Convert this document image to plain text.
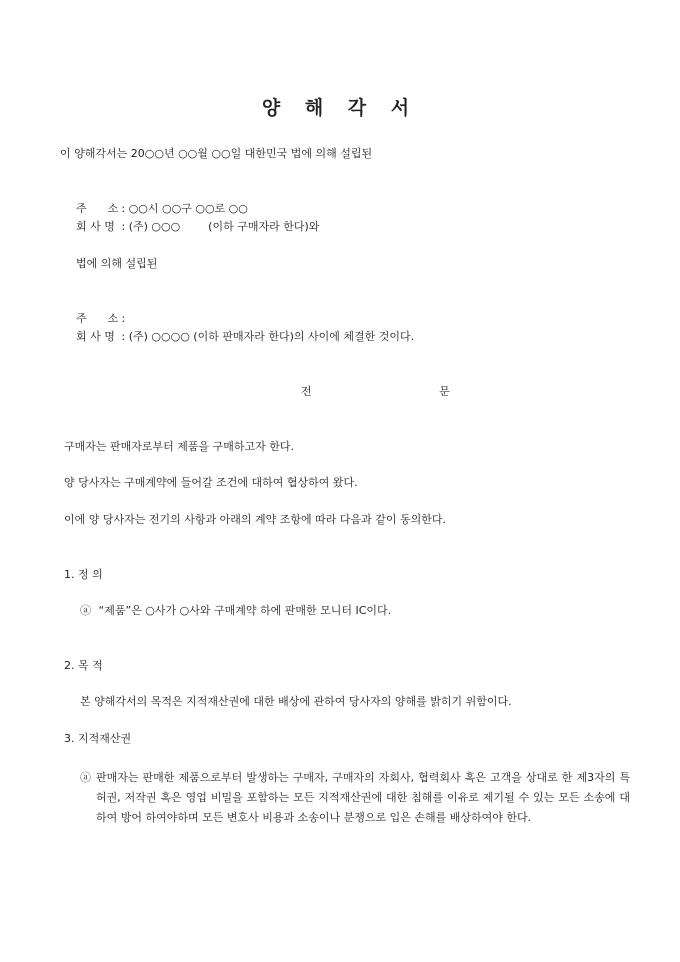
양 해 각 서
이 양해각서는 20○○년 ○○월 ○○일 대한민국 법에 의해 설립된
주      소 : ○○시 ○○구 ○○로 ○○
회 사 명 : (주) ○○○        (이하 구매자라 한다)와
법에 의해 설립된
주      소 :
회 사 명 : (주) ○○○○ (이하 판매자라 한다)의 사이에 체결한 것이다.
전 문
구매자는 판매자로부터 제품을 구매하고자 한다.
양 당사자는 구매계약에 들어갈 조건에 대하여 협상하여 왔다.
이에 양 당사자는 전기의 사항과 아래의 계약 조항에 따라 다음과 같이 동의한다.
1. 정 의
ⓐ “제품”은 ○사가 ○사와 구매계약 하에 판매한 모니터 IC이다.
2. 목 적
본 양해각서의 목적은 지적재산권에 대한 배상에 관하여 당사자의 양해를 밝히기 위함이다.
3. 지적재산권
ⓐ 판매자는 판매한 제품으로부터 발생하는 구매자, 구매자의 자회사, 협력회사 혹은 고객을 상대로 한 제3자의 특허권, 저작권 혹은 영업 비밀을 포함하는 모든 지적재산권에 대한 침해를 이유로 제기될 수 있는 모든 소송에 대하여 방어 하여야하며 모든 변호사 비용과 소송이나 분쟁으로 입은 손해를 배상하여야 한다.
